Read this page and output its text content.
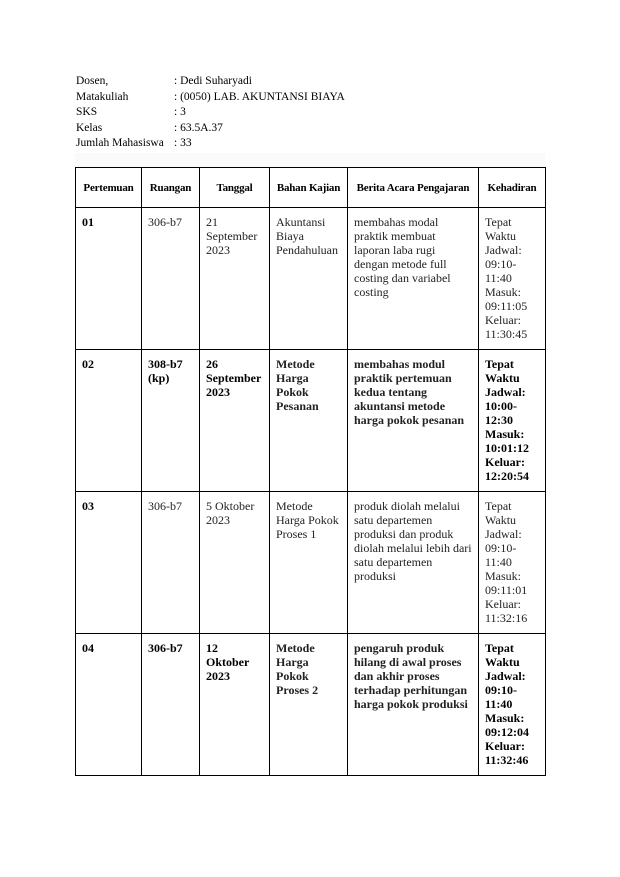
Dosen,	: Dedi Suharyadi
Matakuliah	: (0050) LAB. AKUNTANSI BIAYA
SKS	: 3
Kelas	: 63.5A.37
Jumlah Mahasiswa : 33
Pertemuan	Ruangan	Tanggal	Bahan Kajian	Berita Acara Pengajaran	Kehadiran
01	306-b7	21 September 2023	Akuntansi Biaya Pendahuluan	membahas modal praktik membuat laporan laba rugi dengan metode full costing dan variabel costing	Tepat Waktu Jadwal: 09:10-11:40 Masuk: 09:11:05 Keluar: 11:30:45
02	308-b7 (kp)	26 September 2023	Metode Harga Pokok Pesanan	membahas modul praktik pertemuan kedua tentang akuntansi metode harga pokok pesanan	Tepat Waktu Jadwal: 10:00-12:30 Masuk: 10:01:12 Keluar: 12:20:54
03	306-b7	5 Oktober 2023	Metode Harga Pokok Proses 1	produk diolah melalui satu departemen produksi dan produk diolah melalui lebih dari satu departemen produksi	Tepat Waktu Jadwal: 09:10-11:40 Masuk: 09:11:01 Keluar: 11:32:16
04	306-b7	12 Oktober 2023	Metode Harga Pokok Proses 2	pengaruh produk hilang di awal proses dan akhir proses terhadap perhitungan harga pokok produksi	Tepat Waktu Jadwal: 09:10-11:40 Masuk: 09:12:04 Keluar: 11:32:46
